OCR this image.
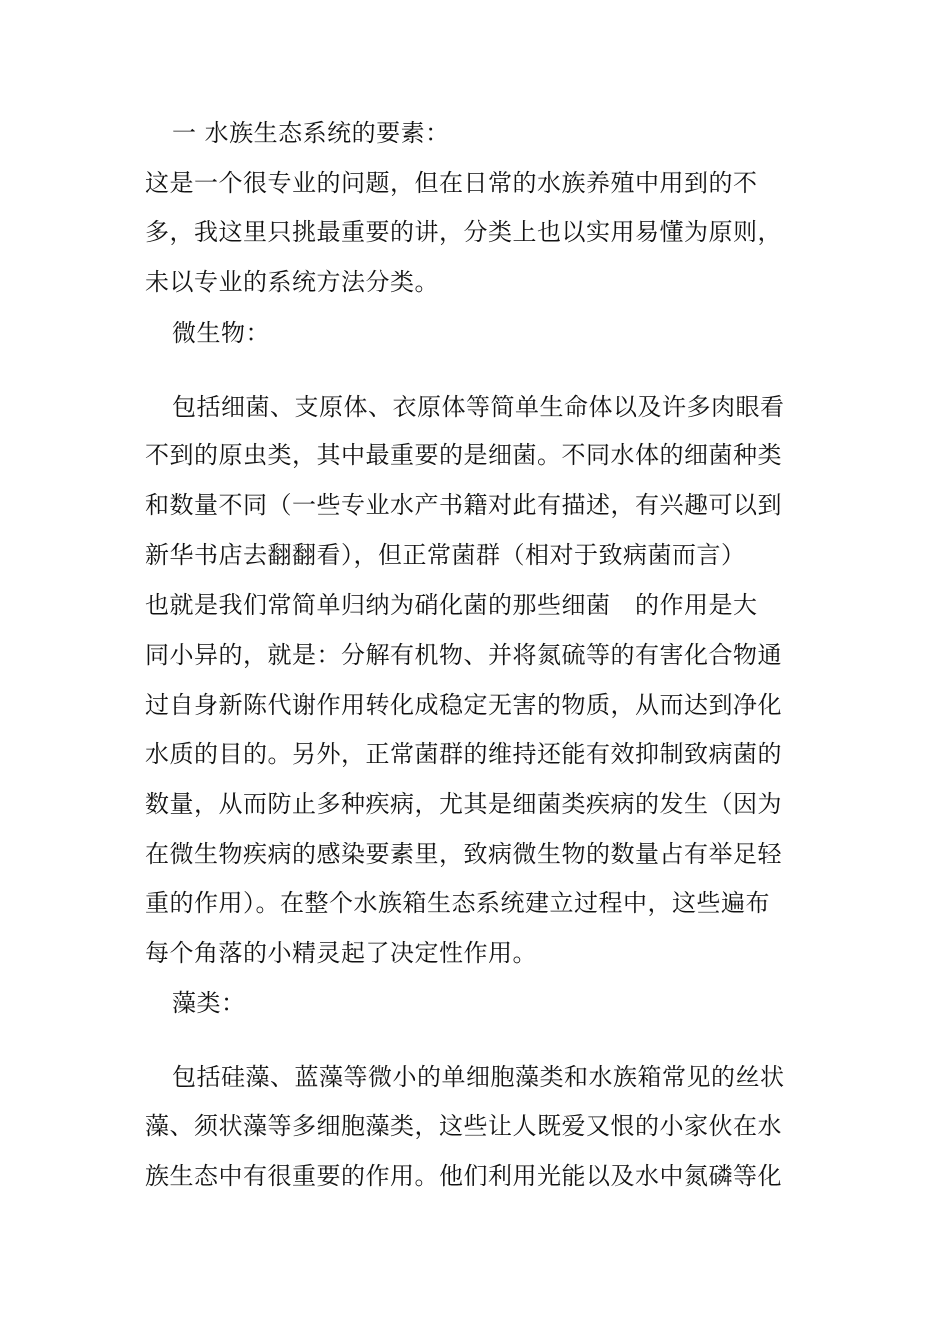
一 水族生态系统的要素：
这是一个很专业的问题，但在日常的水族养殖中用到的不
多，我这里只挑最重要的讲，分类上也以实用易懂为原则，
未以专业的系统方法分类。
微生物：
包括细菌、支原体、衣原体等简单生命体以及许多肉眼看
不到的原虫类，其中最重要的是细菌。不同水体的细菌种类
和数量不同（一些专业水产书籍对此有描述，有兴趣可以到
新华书店去翻翻看），但正常菌群（相对于致病菌而言）
也就是我们常简单归纳为硝化菌的那些细菌　的作用是大
同小异的，就是：分解有机物、并将氮硫等的有害化合物通
过自身新陈代谢作用转化成稳定无害的物质，从而达到净化
水质的目的。另外，正常菌群的维持还能有效抑制致病菌的
数量，从而防止多种疾病，尤其是细菌类疾病的发生（因为
在微生物疾病的感染要素里，致病微生物的数量占有举足轻
重的作用）。在整个水族箱生态系统建立过程中，这些遍布
每个角落的小精灵起了决定性作用。
藻类：
包括硅藻、蓝藻等微小的单细胞藻类和水族箱常见的丝状
藻、须状藻等多细胞藻类，这些让人既爱又恨的小家伙在水
族生态中有很重要的作用。他们利用光能以及水中氮磷等化
